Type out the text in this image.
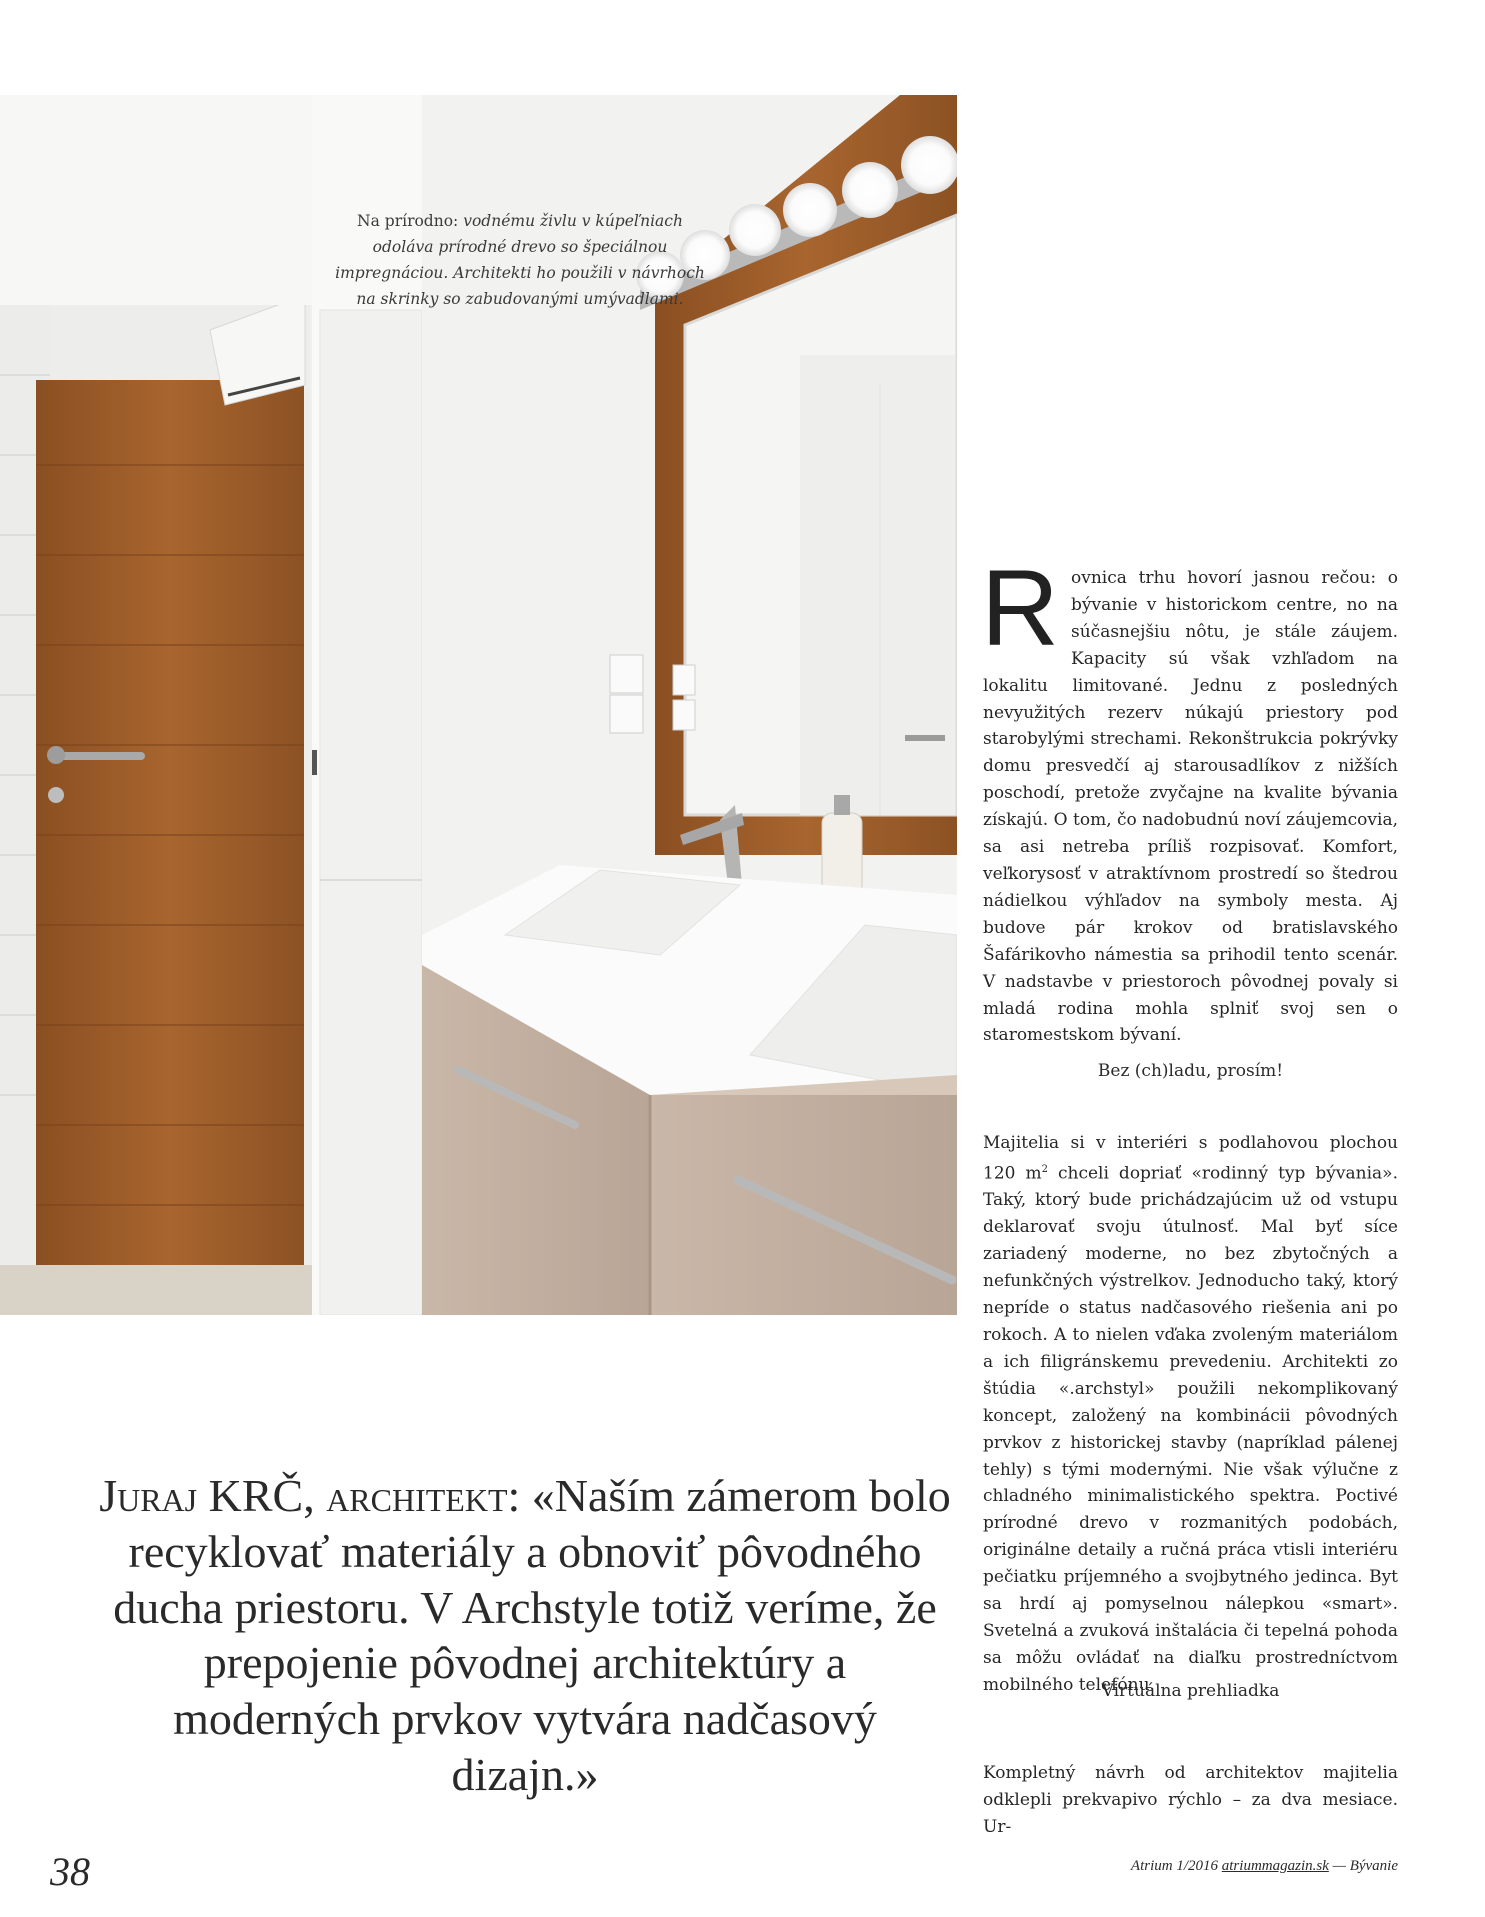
Na prírodno: vodnému živlu v kúpeľniach odoláva prírodné drevo so špeciálnou impregnáciou. Architekti ho použili v návrhoch na skrinky so zabudovanými umývadlami.
R ovnica trhu hovorí jasnou rečou: o bývanie v historickom centre, no na súčasnejšiu nôtu, je stále záujem. Kapacity sú však vzhľadom na lokalitu limitované. Jednu z posledných nevyužitých rezerv núkajú priestory pod starobylými strechami. Rekonštrukcia pokrývky domu presvedčí aj starousadlíkov z nižších poschodí, pretože zvyčajne na kvalite bývania získajú. O tom, čo nadobudnú noví záujemcovia, sa asi netreba príliš rozpisovať. Komfort, veľkorysosť v atraktívnom prostredí so štedrou nádielkou výhľadov na symboly mesta. Aj budove pár krokov od bratislavského Šafárikovho námestia sa prihodil tento scenár. V nadstavbe v priestoroch pôvodnej povaly si mladá rodina mohla splniť svoj sen o staromestskom bývaní.
Bez (ch)ladu, prosím!
Majitelia si v interiéri s podlahovou plochou 120 $m^2$ chceli dopriať «rodinný typ bývania». Taký, ktorý bude prichádzajúcim už od vstupu deklarovať svoju útulnosť. Mal byť síce zariadený moderne, no bez zbytočných a nefunkčných výstrelkov. Jednoducho taký, ktorý nepríde o status nadčasového riešenia ani po rokoch. A to nielen vďaka zvoleným materiálom a ich filigránskemu prevedeniu. Architekti zo štúdia «.archstyl» použili nekomplikovaný koncept, založený na kombinácii pôvodných prvkov z historickej stavby (napríklad pálenej tehly) s tými modernými. Nie však výlučne z chladného minimalistického spektra. Poctivé prírodné drevo v rozmanitých podobách, originálne detaily a ručná práca vtisli interiéru pečiatku príjemného a svojbytného jedinca. Byt sa hrdí aj pomyselnou nálepkou «smart». Svetelná a zvuková inštalácia či tepelná pohoda sa môžu ovládať na diaľku prostredníctvom mobilného telefónu.
Virtuálna prehliadka
Kompletný návrh od architektov majitelia odklepli prekvapivo rýchlo – za dva mesiace. Ur-
Juraj KRČ, architekt: «Naším zámerom bolo recyklovať materiály a obnoviť pôvodného ducha priestoru. V Archstyle totiž veríme, že prepojenie pôvodnej architektúry a moderných prvkov vytvára nadčasový dizajn.»
38	Atrium 1/2016 atriummagazin.sk — Bývanie
